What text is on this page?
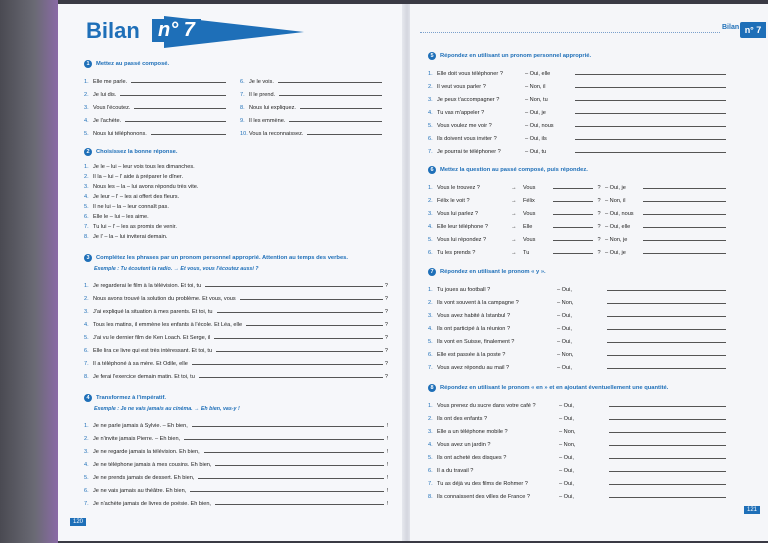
Bilan n° 7	Bilan n° 7
1	Mettez au passé composé.
1. Elle me parle.
2. Je lui dis.
3. Vous l'écoutez.
4. Je l'achète.
5. Nous lui téléphonons.
6. Je le vois.
7. Il le prend.
8. Nous lui expliquez.
9. Il les emmène.
10. Vous la reconnaissez.
2	Choisissez la bonne réponse.
1. Je le – lui – leur vois tous les dimanches.
2. Il la – lui – l' aide à préparer le dîner.
3. Nous les – la – lui avons répondu très vite.
4. Je leur – l' – les ai offert des fleurs.
5. Il ne lui – la – leur connaît pas.
6. Elle le – lui – les aime.
7. Tu lui – l' – les as promis de venir.
8. Je l' – la – lui inviterai demain.
3	Complétez les phrases par un pronom personnel approprié. Attention au temps des verbes.
Exemple : Tu écoutent la radio. → Et vous, vous l'écoutez aussi ?
1. Je regarderai le film à la télévision. Et toi, tu	?
2. Nous avons trouvé la solution du problème. Et vous, vous	?
3. J'ai expliqué la situation à mes parents. Et toi, tu	?
4. Tous les matins, il emmène les enfants à l'école. Et Léa, elle	?
5. J'ai vu le dernier film de Ken Loach. Et Serge, il	?
6. Elle lira ce livre qui est très intéressant. Et toi, tu	?
7. Il a téléphoné à sa mère. Et Odile, elle	?
8. Je ferai l'exercice demain matin. Et toi, tu	?
4	Transformez à l'impératif.
Exemple : Je ne vais jamais au cinéma. → Eh bien, vas-y !
1. Je ne parle jamais à Sylvie. – Eh bien,	!
2. Je n'invite jamais Pierre. – Eh bien,	!
3. Je ne regarde jamais la télévision. Eh bien,	!
4. Je ne téléphone jamais à mes cousins. Eh bien,	!
5. Je ne prends jamais de dessert. Eh bien,	!
6. Je ne vais jamais au théâtre. Eh bien,	!
7. Je n'achète jamais de livres de poésie. Eh bien,	!
5	Répondez en utilisant un pronom personnel approprié.
1. Elle doit vous téléphoner ?	– Oui, elle
2. Il veut vous parler ?	– Non, il
3. Je peux t'accompagner ?	– Non, tu
4. Tu vas m'appeler ?	– Oui, je
5. Vous voulez me voir ?	– Oui, nous
6. Ils doivent vous inviter ?	– Oui, ils
7. Je pourrai te téléphoner ?	– Oui, tu
6	Mettez la question au passé composé, puis répondez.
1. Vous le trouvez ?	→	Vous	? – Oui, je
2. Félix le voit ?	→	Félix	? – Non, il
3. Vous lui parlez ?	→	Vous	? – Oui, nous
4. Elle leur téléphone ?	→	Elle	? – Oui, elle
5. Vous lui répondez ?	→	Vous	? – Non, je
6. Tu les prends ?	→	Tu	? – Oui, je
7	Répondez en utilisant le pronom « y ».
1. Tu joues au football ?	– Oui,
2. Ils vont souvent à la campagne ?	– Non,
3. Vous avez habité à Istanbul ?	– Oui,
4. Ils ont participé à la réunion ?	– Oui,
5. Ils vont en Suisse, finalement ?	– Oui,
6. Elle est passée à la poste ?	– Non,
7. Vous avez répondu au mail ?	– Oui,
8	Répondez en utilisant le pronom « en » et en ajoutant éventuellement une quantité.
1. Vous prenez du sucre dans votre café ?	– Oui,
2. Ils ont des enfants ?	– Oui,
3. Elle a un téléphone mobile ?	– Non,
4. Vous avez un jardin ?	– Non,
5. Ils ont acheté des disques ?	– Oui,
6. Il a du travail ?	– Oui,
7. Tu as déjà vu des films de Rohmer ?	– Oui,
8. Ils connaissent des villes de France ?	– Oui,
120
121
